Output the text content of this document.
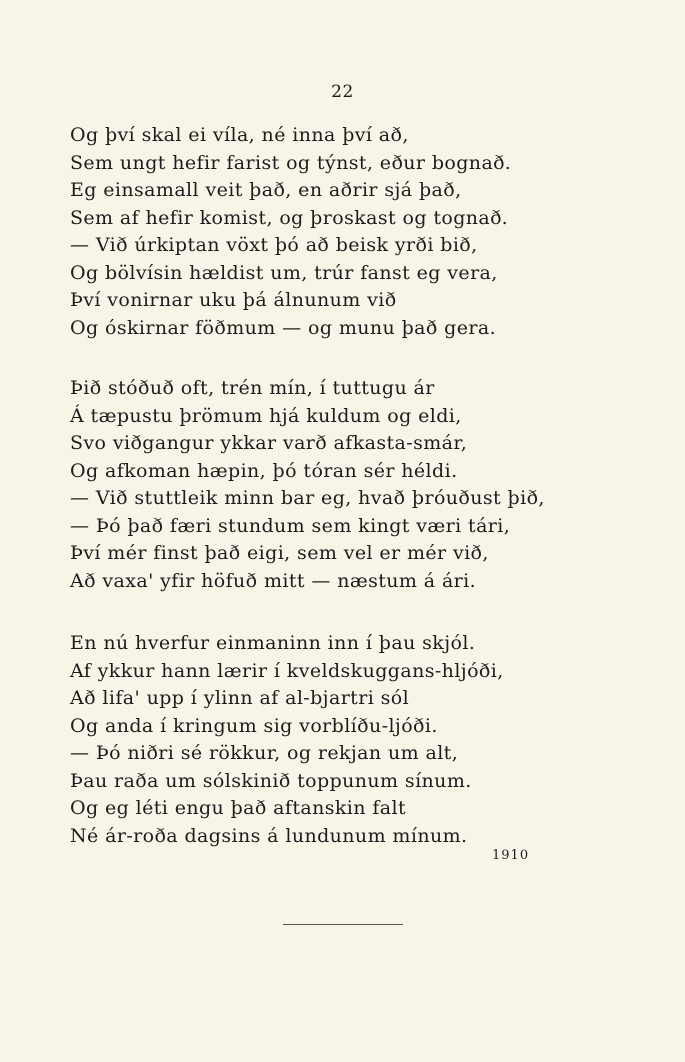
22
Og því skal ei víla, né inna því að,
Sem ungt hefir farist og týnst, eður bognað.
Eg einsamall veit það, en aðrir sjá það,
Sem af hefir komist, og þroskast og tognað.
— Við úrkiptan vöxt þó að beisk yrði bið,
Og bölvísin hældist um, trúr fanst eg vera,
Því vonirnar uku þá álnunum við
Og óskirnar föðmum — og munu það gera.
Þið stóðuð oft, trén mín, í tuttugu ár
Á tæpustu þrömum hjá kuldum og eldi,
Svo viðgangur ykkar varð afkasta-smár,
Og afkoman hæpin, þó tóran sér héldi.
— Við stuttleik minn bar eg, hvað þróuðust þið,
— Þó það færi stundum sem kingt væri tári,
Því mér finst það eigi, sem vel er mér við,
Að vaxa' yfir höfuð mitt — næstum á ári.
En nú hverfur einmaninn inn í þau skjól.
Af ykkur hann lærir í kveldskuggans-hljóði,
Að lifa' upp í ylinn af al-bjartri sól
Og anda í kringum sig vorblíðu-ljóði.
— Þó niðri sé rökkur, og rekjan um alt,
Þau raða um sólskinið toppunum sínum.
Og eg léti engu það aftanskin falt
Né ár-roða dagsins á lundunum mínum.
1910
